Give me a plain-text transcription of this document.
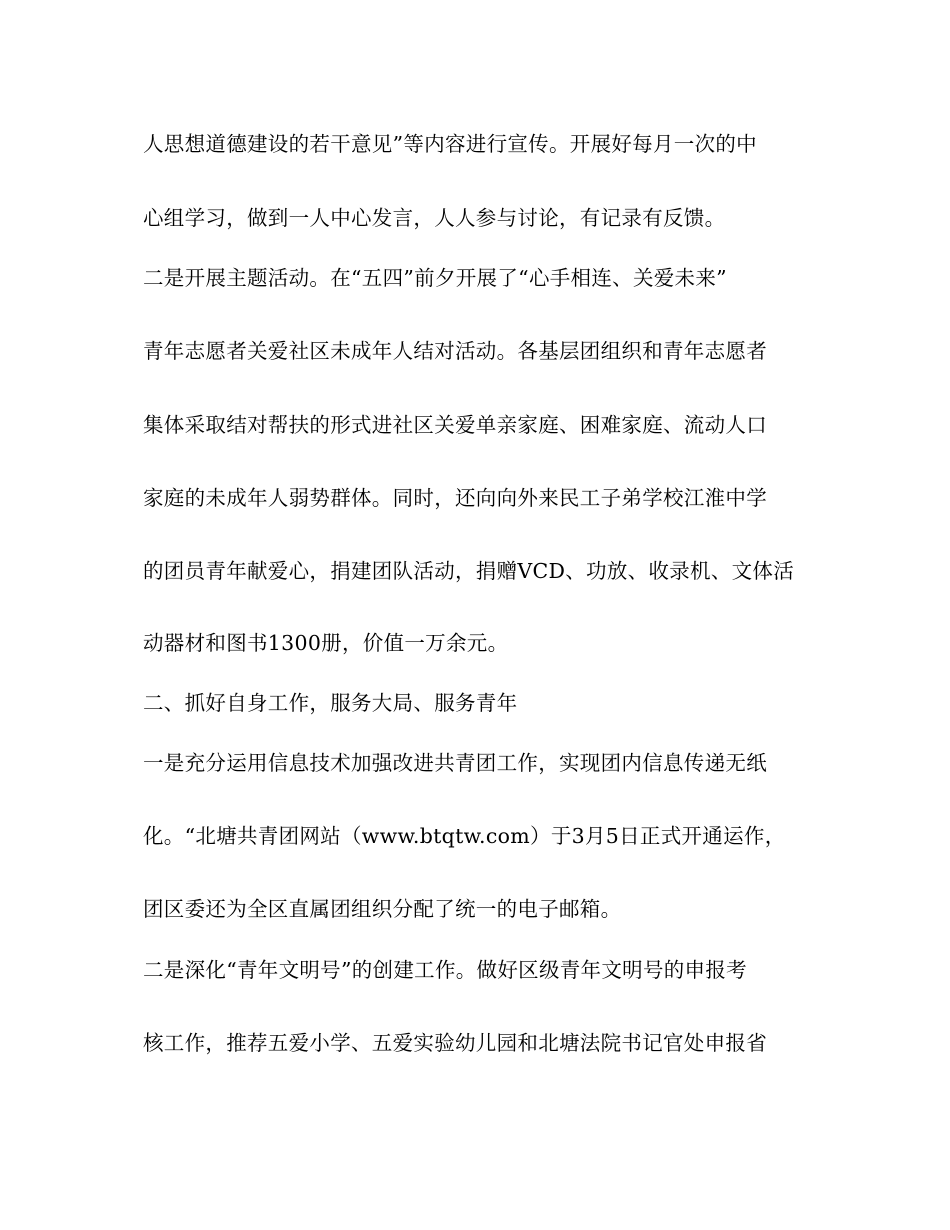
人思想道德建设的若干意见”等内容进行宣传。开展好每月一次的中
心组学习，做到一人中心发言，人人参与讨论，有记录有反馈。
二是开展主题活动。在“五四”前夕开展了“心手相连、关爱未来”
青年志愿者关爱社区未成年人结对活动。各基层团组织和青年志愿者
集体采取结对帮扶的形式进社区关爱单亲家庭、困难家庭、流动人口
家庭的未成年人弱势群体。同时，还向向外来民工子弟学校江淮中学
的团员青年献爱心，捐建团队活动，捐赠VCD、功放、收录机、文体活
动器材和图书1300册，价值一万余元。
二、抓好自身工作，服务大局、服务青年
一是充分运用信息技术加强改进共青团工作，实现团内信息传递无纸
化。“北塘共青团网站（www.btqtw.com）于3月5日正式开通运作，
团区委还为全区直属团组织分配了统一的电子邮箱。
二是深化“青年文明号”的创建工作。做好区级青年文明号的申报考
核工作，推荐五爱小学、五爱实验幼儿园和北塘法院书记官处申报省
